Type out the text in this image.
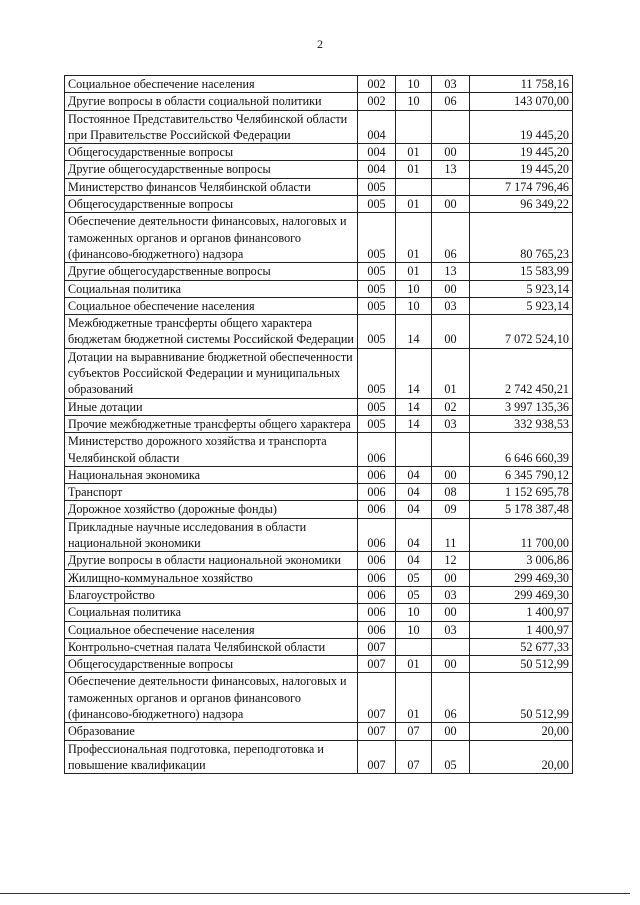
2
Социальное обеспечение населения	002	10	03	11 758,16
Другие вопросы в области социальной политики	002	10	06	143 070,00
Постоянное Представительство Челябинской области при Правительстве Российской Федерации	004			19 445,20
Общегосударственные вопросы	004	01	00	19 445,20
Другие общегосударственные вопросы	004	01	13	19 445,20
Министерство финансов Челябинской области	005			7 174 796,46
Общегосударственные вопросы	005	01	00	96 349,22
Обеспечение деятельности финансовых, налоговых и таможенных органов и органов финансового (финансово-бюджетного) надзора	005	01	06	80 765,23
Другие общегосударственные вопросы	005	01	13	15 583,99
Социальная политика	005	10	00	5 923,14
Социальное обеспечение населения	005	10	03	5 923,14
Межбюджетные трансферты общего характера бюджетам бюджетной системы Российской Федерации	005	14	00	7 072 524,10
Дотации на выравнивание бюджетной обеспеченности субъектов Российской Федерации и муниципальных образований	005	14	01	2 742 450,21
Иные дотации	005	14	02	3 997 135,36
Прочие межбюджетные трансферты общего характера	005	14	03	332 938,53
Министерство дорожного хозяйства и транспорта Челябинской области	006			6 646 660,39
Национальная экономика	006	04	00	6 345 790,12
Транспорт	006	04	08	1 152 695,78
Дорожное хозяйство (дорожные фонды)	006	04	09	5 178 387,48
Прикладные научные исследования в области национальной экономики	006	04	11	11 700,00
Другие вопросы в области национальной экономики	006	04	12	3 006,86
Жилищно-коммунальное хозяйство	006	05	00	299 469,30
Благоустройство	006	05	03	299 469,30
Социальная политика	006	10	00	1 400,97
Социальное обеспечение населения	006	10	03	1 400,97
Контрольно-счетная палата Челябинской области	007			52 677,33
Общегосударственные вопросы	007	01	00	50 512,99
Обеспечение деятельности финансовых, налоговых и таможенных органов и органов финансового (финансово-бюджетного) надзора	007	01	06	50 512,99
Образование	007	07	00	20,00
Профессиональная подготовка, переподготовка и повышение квалификации	007	07	05	20,00
